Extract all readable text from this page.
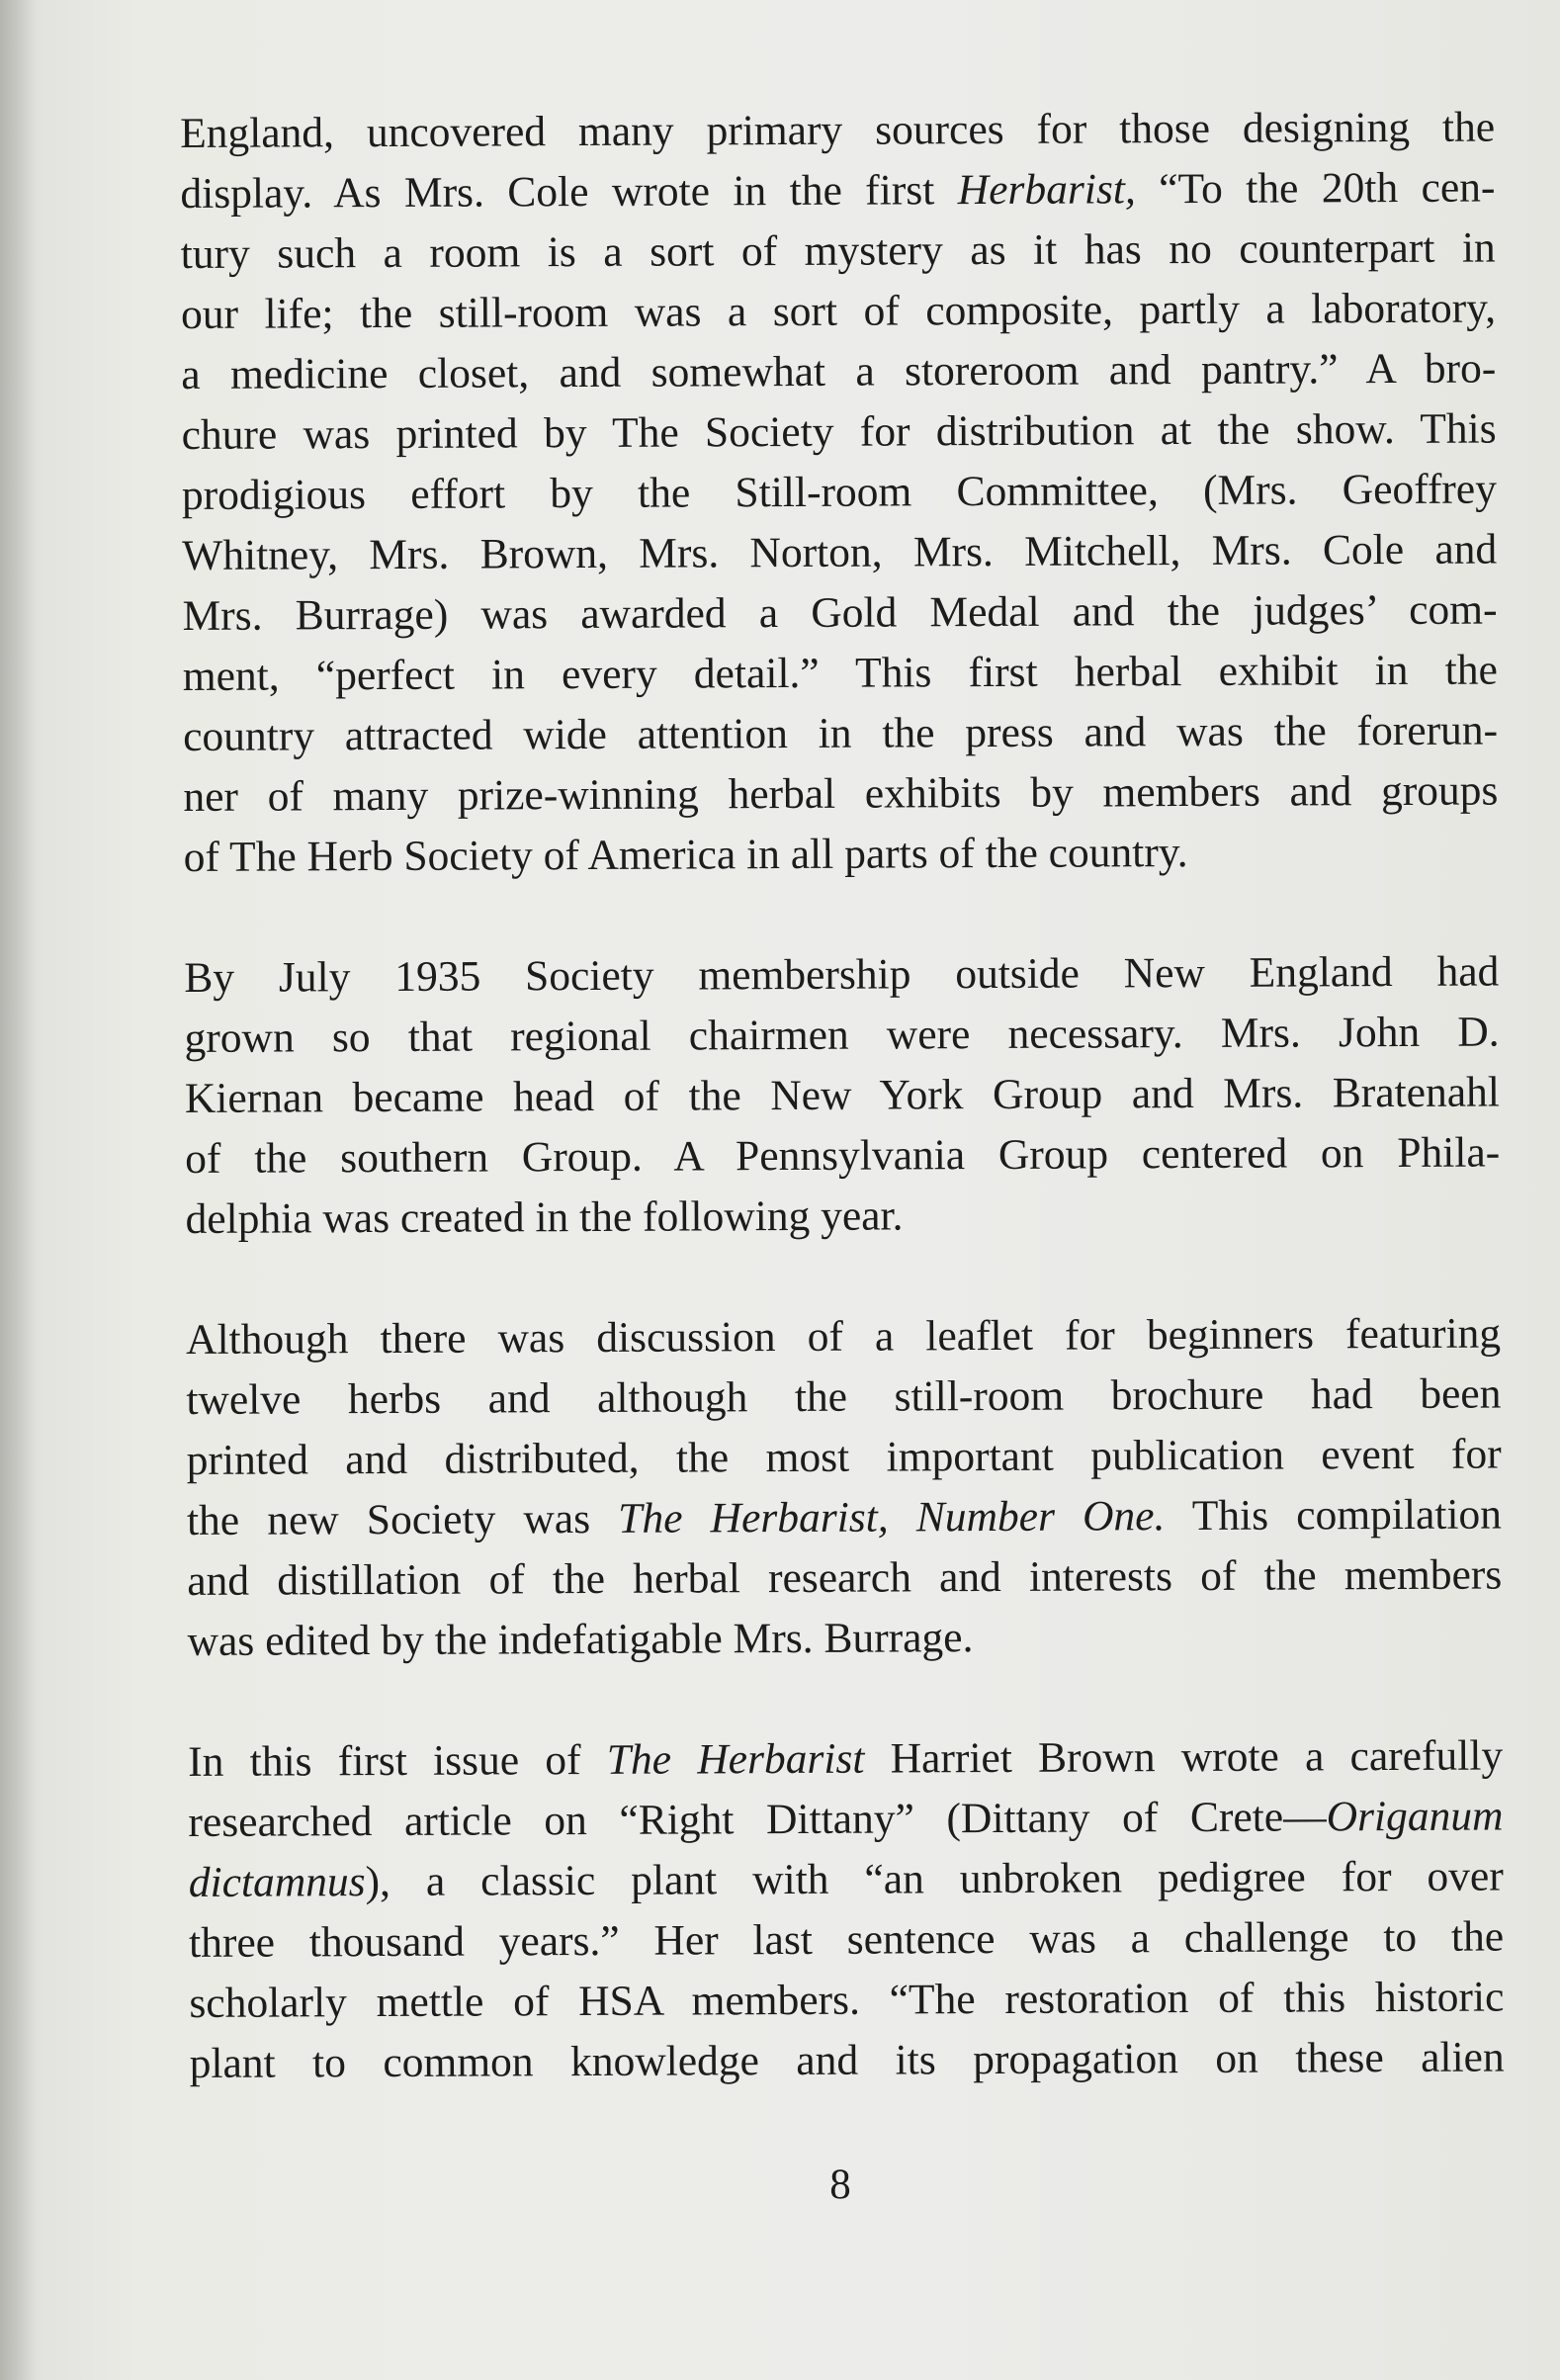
England, uncovered many primary sources for those designing the
display. As Mrs. Cole wrote in the first Herbarist, “To the 20th cen-
tury such a room is a sort of mystery as it has no counterpart in
our life; the still-room was a sort of composite, partly a laboratory,
a medicine closet, and somewhat a storeroom and pantry.” A bro-
chure was printed by The Society for distribution at the show. This
prodigious effort by the Still-room Committee, (Mrs. Geoffrey
Whitney, Mrs. Brown, Mrs. Norton, Mrs. Mitchell, Mrs. Cole and
Mrs. Burrage) was awarded a Gold Medal and the judges’ com-
ment, “perfect in every detail.” This first herbal exhibit in the
country attracted wide attention in the press and was the forerun-
ner of many prize-winning herbal exhibits by members and groups
of The Herb Society of America in all parts of the country.
By July 1935 Society membership outside New England had
grown so that regional chairmen were necessary. Mrs. John D.
Kiernan became head of the New York Group and Mrs. Bratenahl
of the southern Group. A Pennsylvania Group centered on Phila-
delphia was created in the following year.
Although there was discussion of a leaflet for beginners featuring
twelve herbs and although the still-room brochure had been
printed and distributed, the most important publication event for
the new Society was The Herbarist, Number One. This compilation
and distillation of the herbal research and interests of the members
was edited by the indefatigable Mrs. Burrage.
In this first issue of The Herbarist Harriet Brown wrote a carefully
researched article on “Right Dittany” (Dittany of Crete—Origanum
dictamnus), a classic plant with “an unbroken pedigree for over
three thousand years.” Her last sentence was a challenge to the
scholarly mettle of HSA members. “The restoration of this historic
plant to common knowledge and its propagation on these alien
8
